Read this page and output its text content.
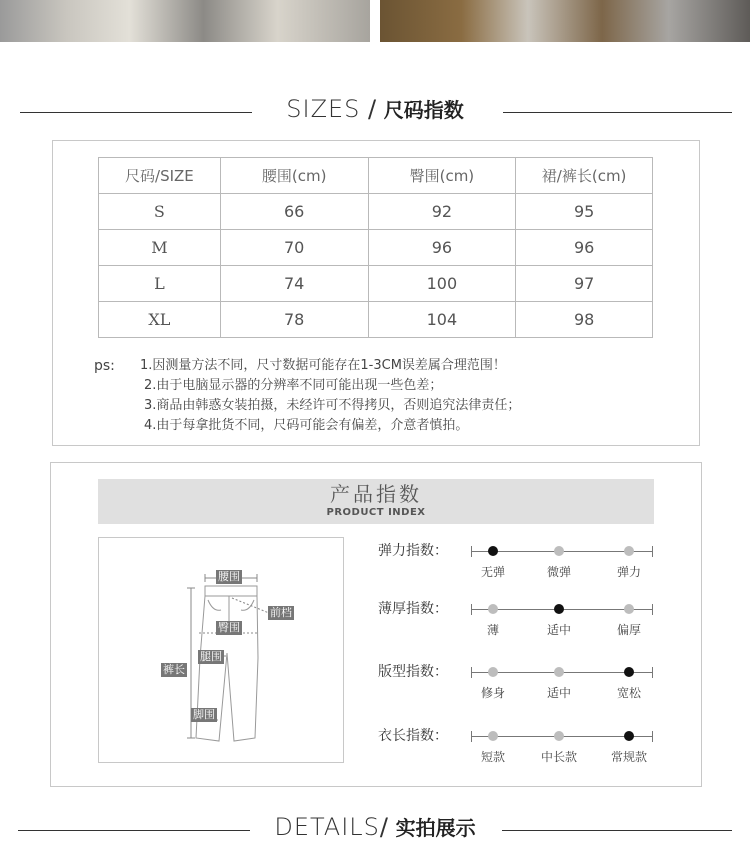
SIZES / 尺码指数
尺码/SIZE	腰围(cm)	臀围(cm)	裙/裤长(cm)
S	66	92	95
M	70	96	96
L	74	100	97
XL	78	104	98
ps: 1.因测量方法不同，尺寸数据可能存在1-3CM误差属合理范围！
2.由于电脑显示器的分辨率不同可能出现一些色差；
3.商品由韩惑女装拍摄，未经许可不得拷贝，否则追究法律责任；
4.由于每拿批货不同，尺码可能会有偏差，介意者慎拍。
产品指数
PRODUCT INDEX
腰围
前档
臀围
腿围
裤长
脚围
弹力指数：
无弹	微弹	弹力
薄厚指数：
薄	适中	偏厚
版型指数：
修身	适中	宽松
衣长指数：
短款	中长款	常规款
DETAILS/ 实拍展示
